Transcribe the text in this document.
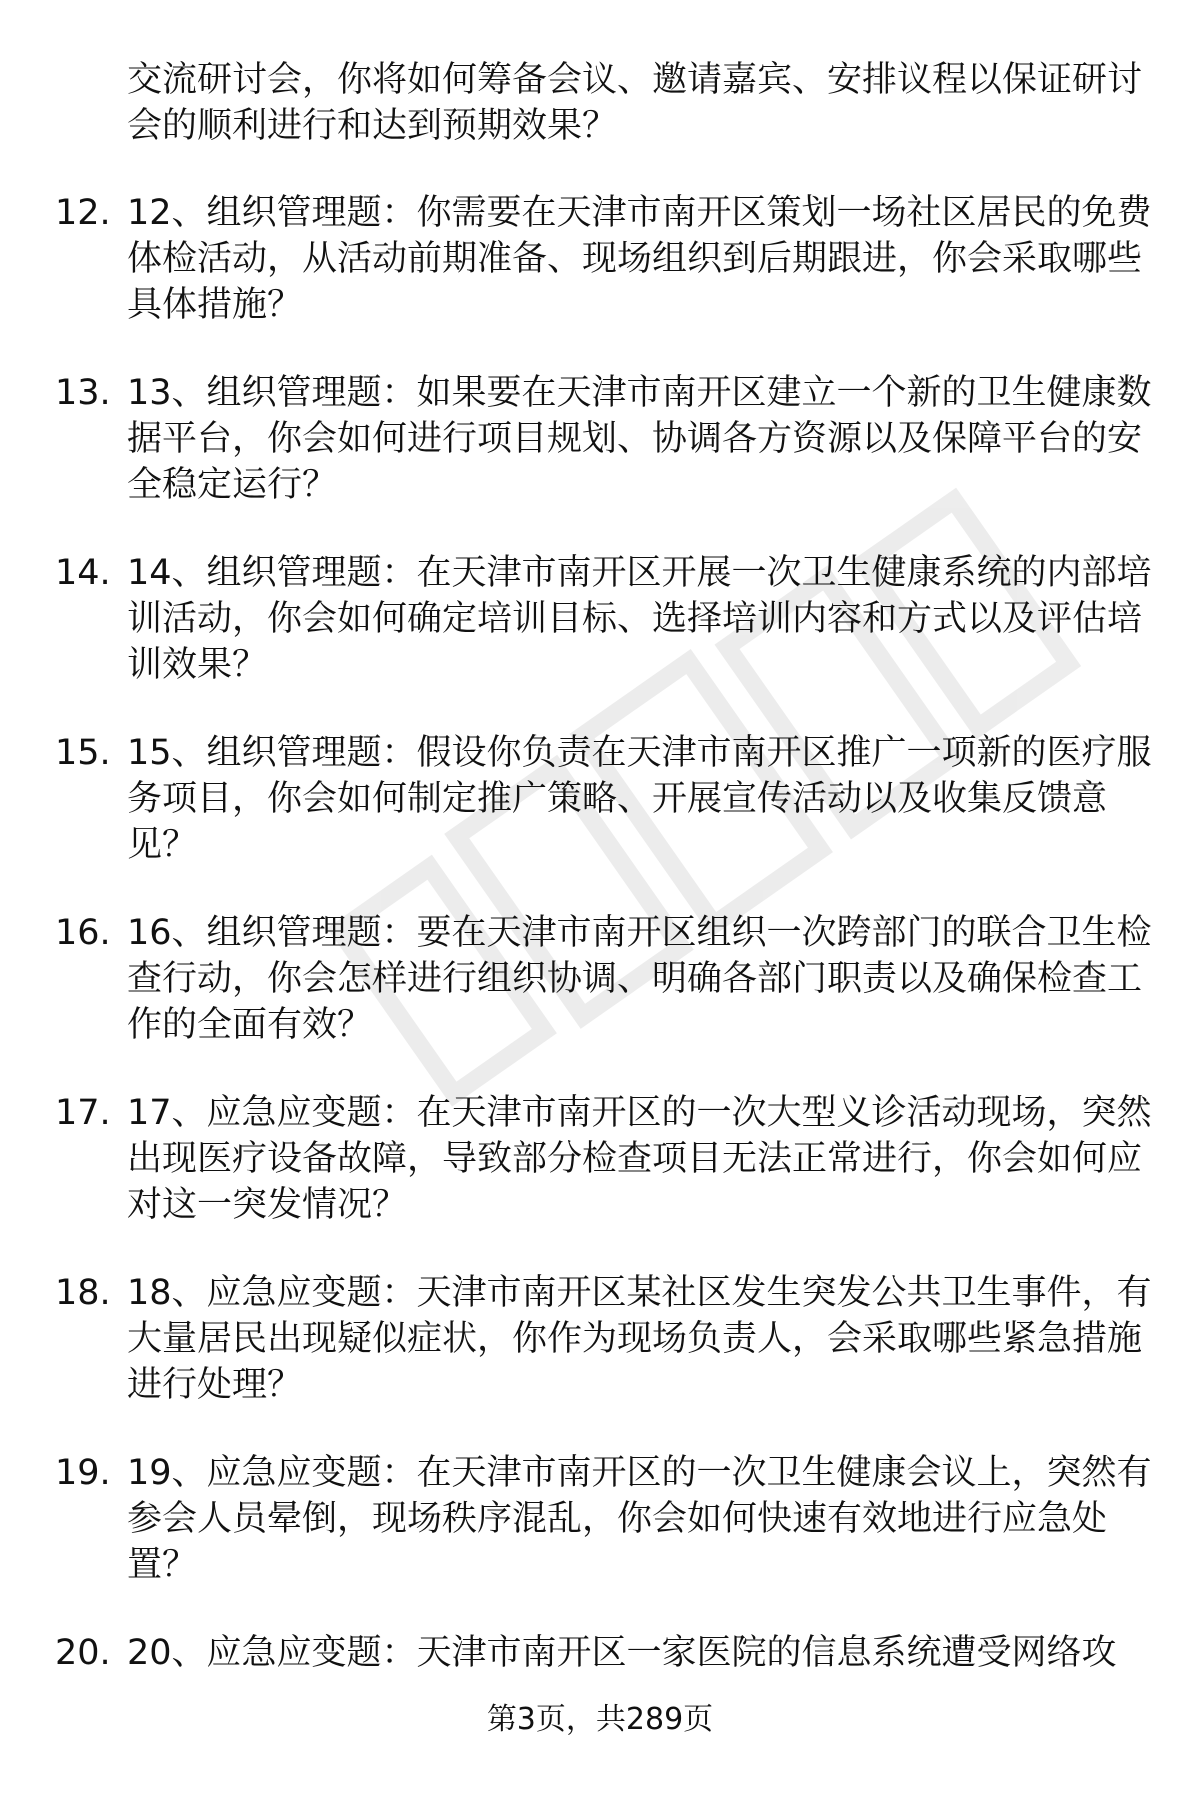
交流研讨会，你将如何筹备会议、邀请嘉宾、安排议程以保证研讨会的顺利进行和达到预期效果？
12. 12、组织管理题：你需要在天津市南开区策划一场社区居民的免费体检活动，从活动前期准备、现场组织到后期跟进，你会采取哪些具体措施？
13. 13、组织管理题：如果要在天津市南开区建立一个新的卫生健康数据平台，你会如何进行项目规划、协调各方资源以及保障平台的安全稳定运行？
14. 14、组织管理题：在天津市南开区开展一次卫生健康系统的内部培训活动，你会如何确定培训目标、选择培训内容和方式以及评估培训效果？
15. 15、组织管理题：假设你负责在天津市南开区推广一项新的医疗服务项目，你会如何制定推广策略、开展宣传活动以及收集反馈意见？
16. 16、组织管理题：要在天津市南开区组织一次跨部门的联合卫生检查行动，你会怎样进行组织协调、明确各部门职责以及确保检查工作的全面有效？
17. 17、应急应变题：在天津市南开区的一次大型义诊活动现场，突然出现医疗设备故障，导致部分检查项目无法正常进行，你会如何应对这一突发情况？
18. 18、应急应变题：天津市南开区某社区发生突发公共卫生事件，有大量居民出现疑似症状，你作为现场负责人，会采取哪些紧急措施进行处理？
19. 19、应急应变题：在天津市南开区的一次卫生健康会议上，突然有参会人员晕倒，现场秩序混乱，你会如何快速有效地进行应急处置？
20. 20、应急应变题：天津市南开区一家医院的信息系统遭受网络攻
第3页，共289页
